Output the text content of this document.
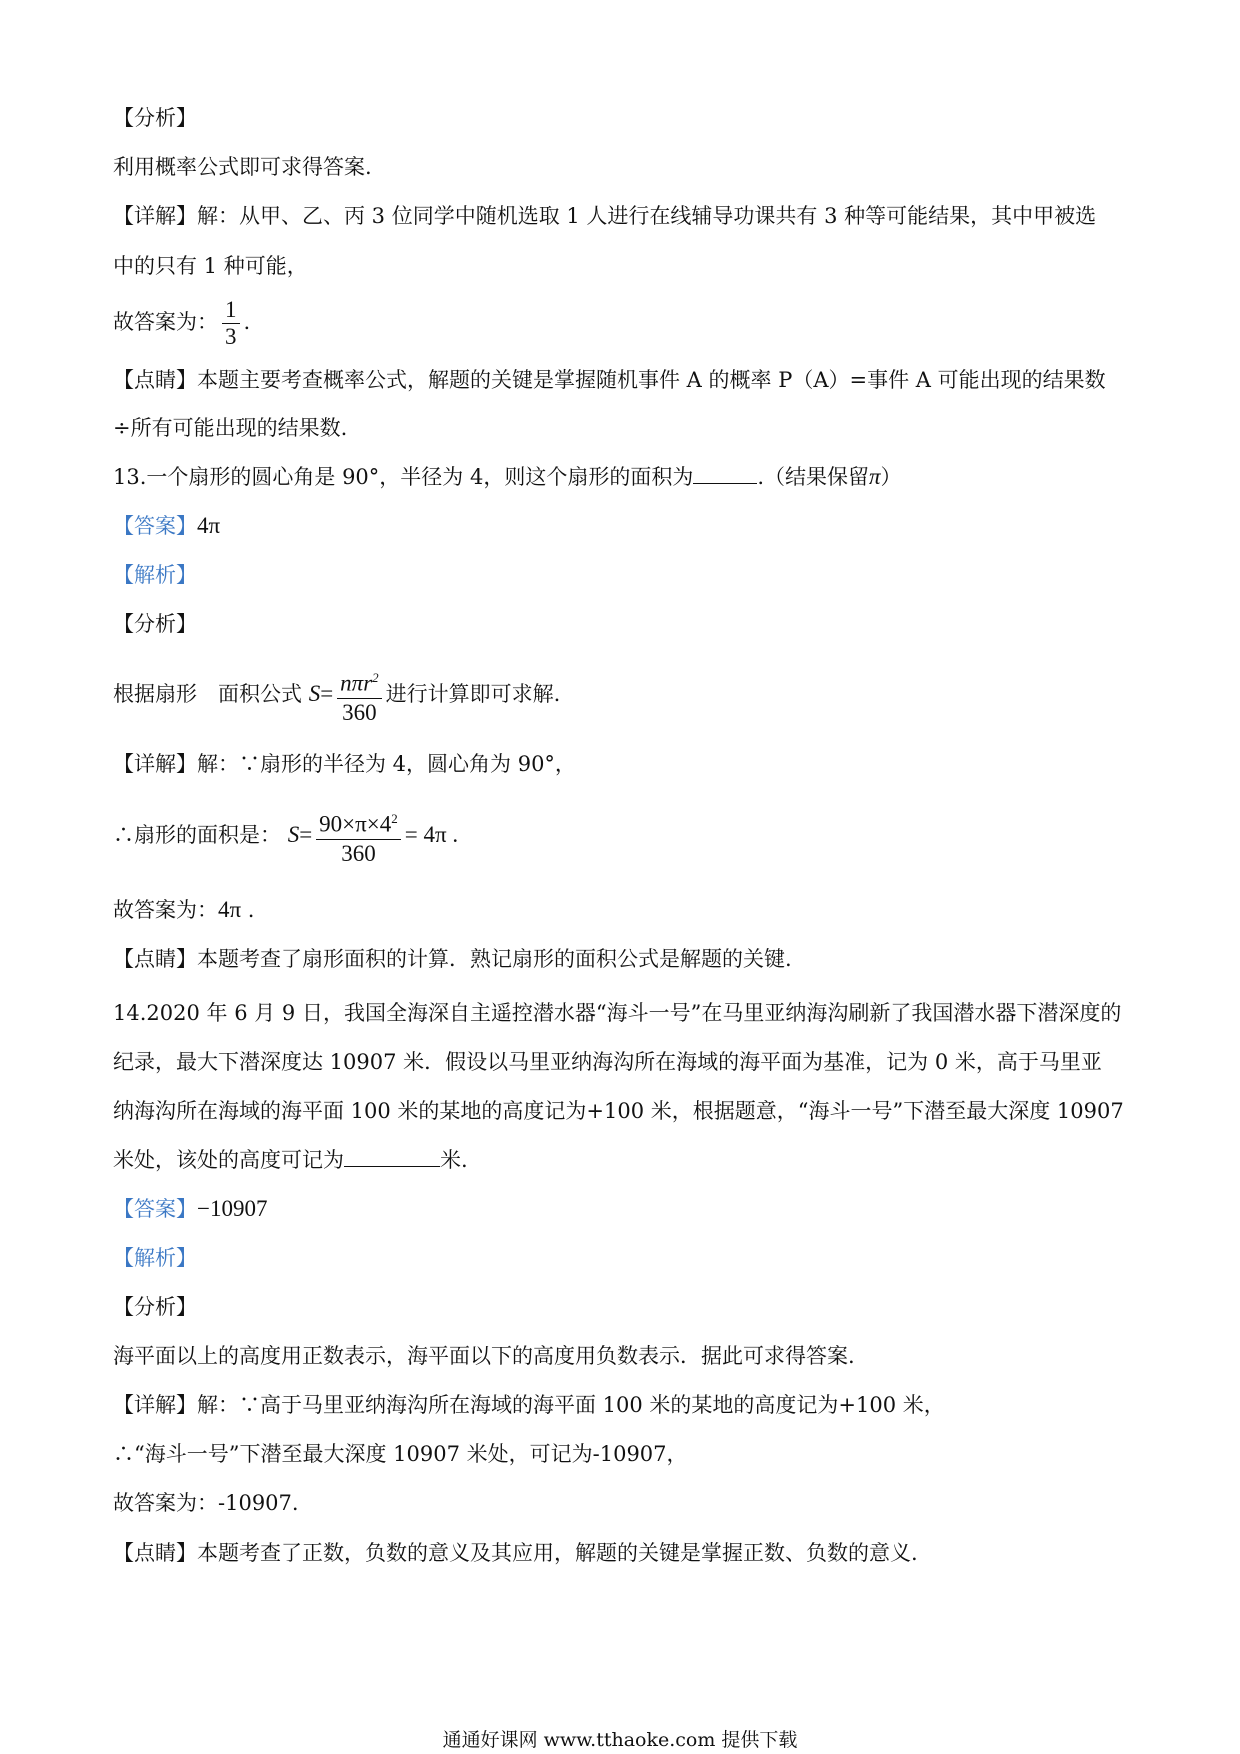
【分析】
利用概率公式即可求得答案.
【详解】解：从甲、乙、丙 3 位同学中随机选取 1 人进行在线辅导功课共有 3 种等可能结果，其中甲被选
中的只有 1 种可能，
故答案为： $\frac{1}{3}$ .
【点睛】本题主要考查概率公式，解题的关键是掌握随机事件 A 的概率 P（A）=事件 A 可能出现的结果数
÷所有可能出现的结果数.
13.一个扇形的圆心角是 90°，半径为 4，则这个扇形的面积为	.（结果保留π）
【答案】4π
【解析】
【分析】
根据扇形　面积公式 $S= \frac{n\pi r^2}{360}$ 进行计算即可求解.
【详解】解：∵扇形的半径为 4，圆心角为 90°，
∴扇形的面积是： $S= \frac{90\times\pi\times 4^2}{360} = 4\pi$ .
故答案为：4π .
【点睛】本题考查了扇形面积的计算．熟记扇形的面积公式是解题的关键.
14.2020 年 6 月 9 日，我国全海深自主遥控潜水器“海斗一号”在马里亚纳海沟刷新了我国潜水器下潜深度的
纪录，最大下潜深度达 10907 米．假设以马里亚纳海沟所在海域的海平面为基准，记为 0 米，高于马里亚
纳海沟所在海域的海平面 100 米的某地的高度记为+100 米，根据题意，“海斗一号”下潜至最大深度 10907
米处，该处的高度可记为	米.
【答案】−10907
【解析】
【分析】
海平面以上的高度用正数表示，海平面以下的高度用负数表示．据此可求得答案.
【详解】解：∵高于马里亚纳海沟所在海域的海平面 100 米的某地的高度记为+100 米，
∴“海斗一号”下潜至最大深度 10907 米处，可记为-10907，
故答案为：-10907.
【点睛】本题考查了正数，负数的意义及其应用，解题的关键是掌握正数、负数的意义.
通通好课网 www.tthaoke.com 提供下载
